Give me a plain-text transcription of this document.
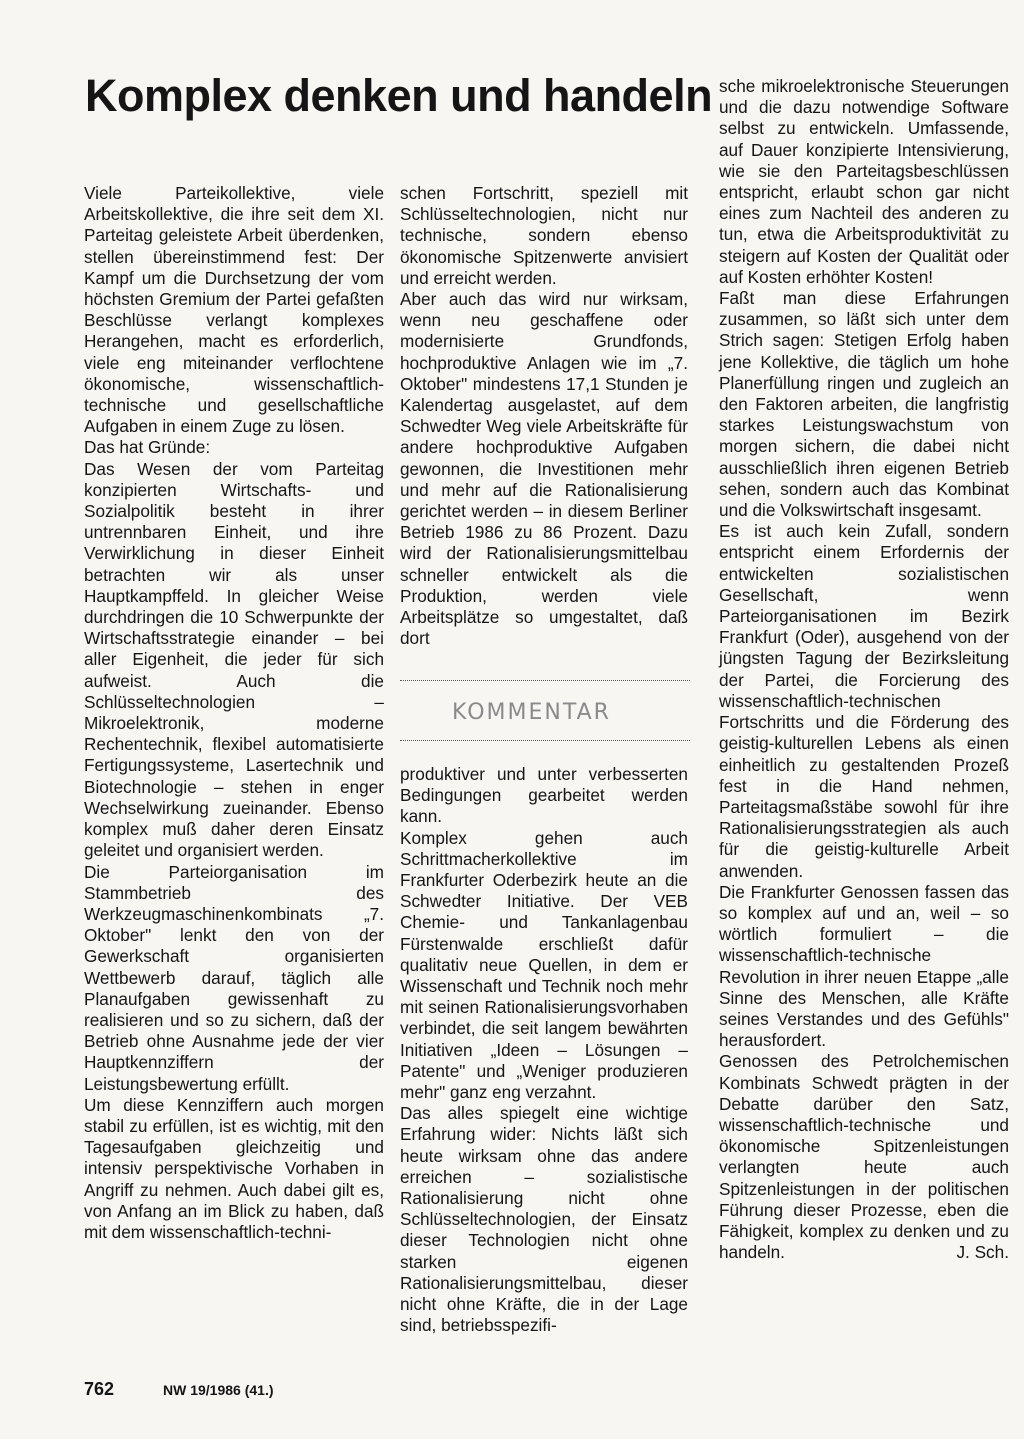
Komplex denken und handeln

Viele Parteikollektive, viele Arbeitskollektive, die ihre seit dem XI. Parteitag geleistete Arbeit überdenken, stellen übereinstimmend fest: Der Kampf um die Durchsetzung der vom höchsten Gremium der Partei gefaßten Beschlüsse verlangt komplexes Herangehen, macht es erforderlich, viele eng miteinander verflochtene ökonomische, wissenschaftlich-technische und gesellschaftliche Aufgaben in einem Zuge zu lösen.

Das hat Gründe:

Das Wesen der vom Parteitag konzipierten Wirtschafts- und Sozialpolitik besteht in ihrer untrennbaren Einheit, und ihre Verwirklichung in dieser Einheit betrachten wir als unser Hauptkampffeld. In gleicher Weise durchdringen die 10 Schwerpunkte der Wirtschaftsstrategie einander – bei aller Eigenheit, die jeder für sich aufweist. Auch die Schlüsseltechnologien – Mikroelektronik, moderne Rechentechnik, flexibel automatisierte Fertigungssysteme, Lasertechnik und Biotechnologie – stehen in enger Wechselwirkung zueinander. Ebenso komplex muß daher deren Einsatz geleitet und organisiert werden.

Die Parteiorganisation im Stammbetrieb des Werkzeugmaschinenkombinats „7. Oktober" lenkt den von der Gewerkschaft organisierten Wettbewerb darauf, täglich alle Planaufgaben gewissenhaft zu realisieren und so zu sichern, daß der Betrieb ohne Ausnahme jede der vier Hauptkennziffern der Leistungsbewertung erfüllt.

Um diese Kennziffern auch morgen stabil zu erfüllen, ist es wichtig, mit den Tagesaufgaben gleichzeitig und intensiv perspektivische Vorhaben in Angriff zu nehmen. Auch dabei gilt es, von Anfang an im Blick zu haben, daß mit dem wissenschaftlich-techni-

schen Fortschritt, speziell mit Schlüsseltechnologien, nicht nur technische, sondern ebenso ökonomische Spitzenwerte anvisiert und erreicht werden.

Aber auch das wird nur wirksam, wenn neu geschaffene oder modernisierte Grundfonds, hochproduktive Anlagen wie im „7. Oktober" mindestens 17,1 Stunden je Kalendertag ausgelastet, auf dem Schwedter Weg viele Arbeitskräfte für andere hochproduktive Aufgaben gewonnen, die Investitionen mehr und mehr auf die Rationalisierung gerichtet werden – in diesem Berliner Betrieb 1986 zu 86 Prozent. Dazu wird der Rationalisierungsmittelbau schneller entwickelt als die Produktion, werden viele Arbeitsplätze so umgestaltet, daß dort

KOMMENTAR

produktiver und unter verbesserten Bedingungen gearbeitet werden kann.

Komplex gehen auch Schrittmacherkollektive im Frankfurter Oderbezirk heute an die Schwedter Initiative. Der VEB Chemie- und Tankanlagenbau Fürstenwalde erschließt dafür qualitativ neue Quellen, in dem er Wissenschaft und Technik noch mehr mit seinen Rationalisierungsvorhaben verbindet, die seit langem bewährten Initiativen „Ideen – Lösungen – Patente" und „Weniger produzieren mehr" ganz eng verzahnt.

Das alles spiegelt eine wichtige Erfahrung wider: Nichts läßt sich heute wirksam ohne das andere erreichen – sozialistische Rationalisierung nicht ohne Schlüsseltechnologien, der Einsatz dieser Technologien nicht ohne starken eigenen Rationalisierungsmittelbau, dieser nicht ohne Kräfte, die in der Lage sind, betriebsspezifi-

sche mikroelektronische Steuerungen und die dazu notwendige Software selbst zu entwickeln. Umfassende, auf Dauer konzipierte Intensivierung, wie sie den Parteitagsbeschlüssen entspricht, erlaubt schon gar nicht eines zum Nachteil des anderen zu tun, etwa die Arbeitsproduktivität zu steigern auf Kosten der Qualität oder auf Kosten erhöhter Kosten!

Faßt man diese Erfahrungen zusammen, so läßt sich unter dem Strich sagen: Stetigen Erfolg haben jene Kollektive, die täglich um hohe Planerfüllung ringen und zugleich an den Faktoren arbeiten, die langfristig starkes Leistungswachstum von morgen sichern, die dabei nicht ausschließlich ihren eigenen Betrieb sehen, sondern auch das Kombinat und die Volkswirtschaft insgesamt.

Es ist auch kein Zufall, sondern entspricht einem Erfordernis der entwickelten sozialistischen Gesellschaft, wenn Parteiorganisationen im Bezirk Frankfurt (Oder), ausgehend von der jüngsten Tagung der Bezirksleitung der Partei, die Forcierung des wissenschaftlich-technischen Fortschritts und die Förderung des geistig-kulturellen Lebens als einen einheitlich zu gestaltenden Prozeß fest in die Hand nehmen, Parteitagsmaßstäbe sowohl für ihre Rationalisierungsstrategien als auch für die geistig-kulturelle Arbeit anwenden.

Die Frankfurter Genossen fassen das so komplex auf und an, weil – so wörtlich formuliert – die wissenschaftlich-technische Revolution in ihrer neuen Etappe „alle Sinne des Menschen, alle Kräfte seines Verstandes und des Gefühls" herausfordert.

Genossen des Petrolchemischen Kombinats Schwedt prägten in der Debatte darüber den Satz, wissenschaftlich-technische und ökonomische Spitzenleistungen verlangten heute auch Spitzenleistungen in der politischen Führung dieser Prozesse, eben die Fähigkeit, komplex zu denken und zu handeln.	J. Sch.

762	NW 19/1986 (41.)
